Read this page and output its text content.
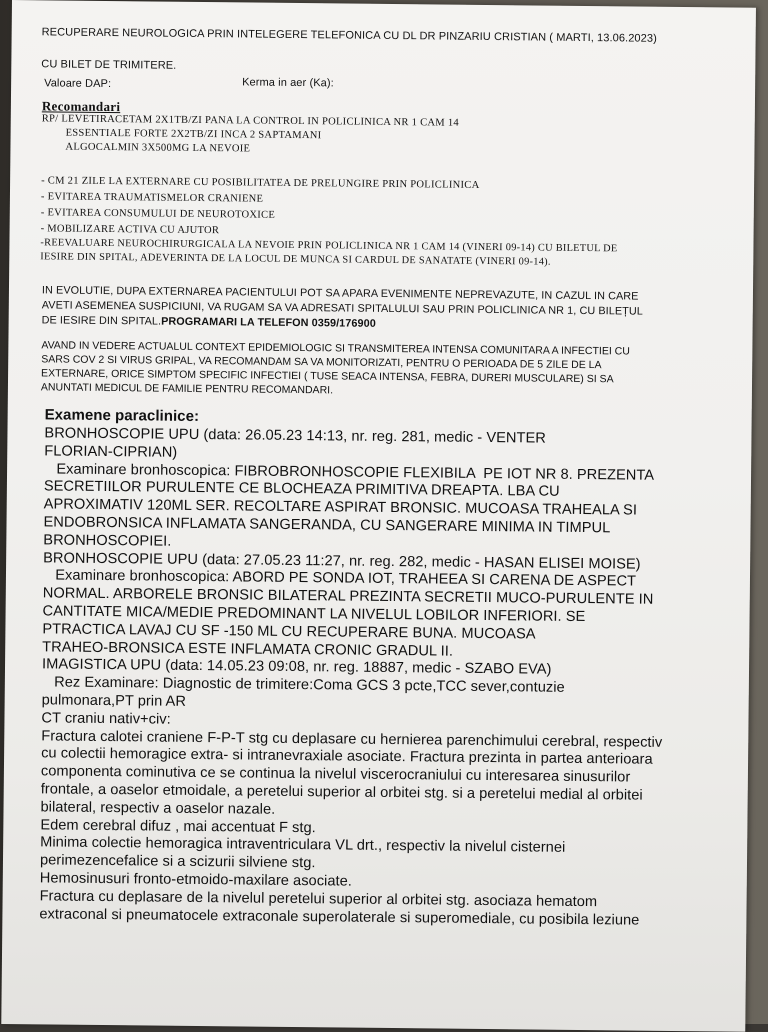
RECUPERARE NEUROLOGICA PRIN INTELEGERE TELEFONICA CU DL DR PINZARIU CRISTIAN ( MARTI, 13.06.2023)
CU BILET DE TRIMITERE.
Valoare DAP:	Kerma in aer (Ka):
Recomandari
RP/ LEVETIRACETAM 2X1TB/ZI PANA LA CONTROL IN POLICLINICA NR 1 CAM 14
ESSENTIALE FORTE 2X2TB/ZI INCA 2 SAPTAMANI
ALGOCALMIN 3X500MG LA NEVOIE
- CM 21 ZILE LA EXTERNARE CU POSIBILITATEA DE PRELUNGIRE PRIN POLICLINICA
- EVITAREA TRAUMATISMELOR CRANIENE
- EVITAREA CONSUMULUI DE NEUROTOXICE
- MOBILIZARE ACTIVA CU AJUTOR
-REEVALUARE NEUROCHIRURGICALA LA NEVOIE PRIN POLICLINICA NR 1 CAM 14 (VINERI 09-14) CU BILETUL DE
IESIRE DIN SPITAL, ADEVERINTA DE LA LOCUL DE MUNCA SI CARDUL DE SANATATE (VINERI 09-14).
IN EVOLUTIE, DUPA EXTERNAREA PACIENTULUI POT SA APARA EVENIMENTE NEPREVAZUTE, IN CAZUL IN CARE
AVETI ASEMENEA SUSPICIUNI, VA RUGAM SA VA ADRESATI SPITALULUI SAU PRIN POLICLINICA NR 1, CU BILEȚUL
DE IESIRE DIN SPITAL.PROGRAMARI LA TELEFON 0359/176900
AVAND IN VEDERE ACTUALUL CONTEXT EPIDEMIOLOGIC SI TRANSMITEREA INTENSA COMUNITARA A INFECTIEI CU
SARS COV 2 SI VIRUS GRIPAL, VA RECOMANDAM SA VA MONITORIZATI, PENTRU O PERIOADA DE 5 ZILE DE LA
EXTERNARE, ORICE SIMPTOM SPECIFIC INFECTIEI ( TUSE SEACA INTENSA, FEBRA, DURERI MUSCULARE) SI SA
ANUNTATI MEDICUL DE FAMILIE PENTRU RECOMANDARI.
Examene paraclinice:
BRONHOSCOPIE UPU (data: 26.05.23 14:13, nr. reg. 281, medic - VENTER
FLORIAN-CIPRIAN)
Examinare bronhoscopica: FIBROBRONHOSCOPIE FLEXIBILA  PE IOT NR 8. PREZENTA
SECRETIILOR PURULENTE CE BLOCHEAZA PRIMITIVA DREAPTA. LBA CU
APROXIMATIV 120ML SER. RECOLTARE ASPIRAT BRONSIC. MUCOASA TRAHEALA SI
ENDOBRONSICA INFLAMATA SANGERANDA, CU SANGERARE MINIMA IN TIMPUL
BRONHOSCOPIEI.
BRONHOSCOPIE UPU (data: 27.05.23 11:27, nr. reg. 282, medic - HASAN ELISEI MOISE)
Examinare bronhoscopica: ABORD PE SONDA IOT, TRAHEEA SI CARENA DE ASPECT
NORMAL. ARBORELE BRONSIC BILATERAL PREZINTA SECRETII MUCO-PURULENTE IN
CANTITATE MICA/MEDIE PREDOMINANT LA NIVELUL LOBILOR INFERIORI. SE
PTRACTICA LAVAJ CU SF -150 ML CU RECUPERARE BUNA. MUCOASA
TRAHEO-BRONSICA ESTE INFLAMATA CRONIC GRADUL II.
IMAGISTICA UPU (data: 14.05.23 09:08, nr. reg. 18887, medic - SZABO EVA)
Rez Examinare: Diagnostic de trimitere:Coma GCS 3 pcte,TCC sever,contuzie
pulmonara,PT prin AR
CT craniu nativ+civ:
Fractura calotei craniene F-P-T stg cu deplasare cu hernierea parenchimului cerebral, respectiv
cu colectii hemoragice extra- si intranevraxiale asociate. Fractura prezinta in partea anterioara
componenta cominutiva ce se continua la nivelul viscerocraniului cu interesarea sinusurilor
frontale, a oaselor etmoidale, a peretelui superior al orbitei stg. si a peretelui medial al orbitei
bilateral, respectiv a oaselor nazale.
Edem cerebral difuz , mai accentuat F stg.
Minima colectie hemoragica intraventriculara VL drt., respectiv la nivelul cisternei
perimezencefalice si a scizurii silviene stg.
Hemosinusuri fronto-etmoido-maxilare asociate.
Fractura cu deplasare de la nivelul peretelui superior al orbitei stg. asociaza hematom
extraconal si pneumatocele extraconale superolaterale si superomediale, cu posibila leziune
